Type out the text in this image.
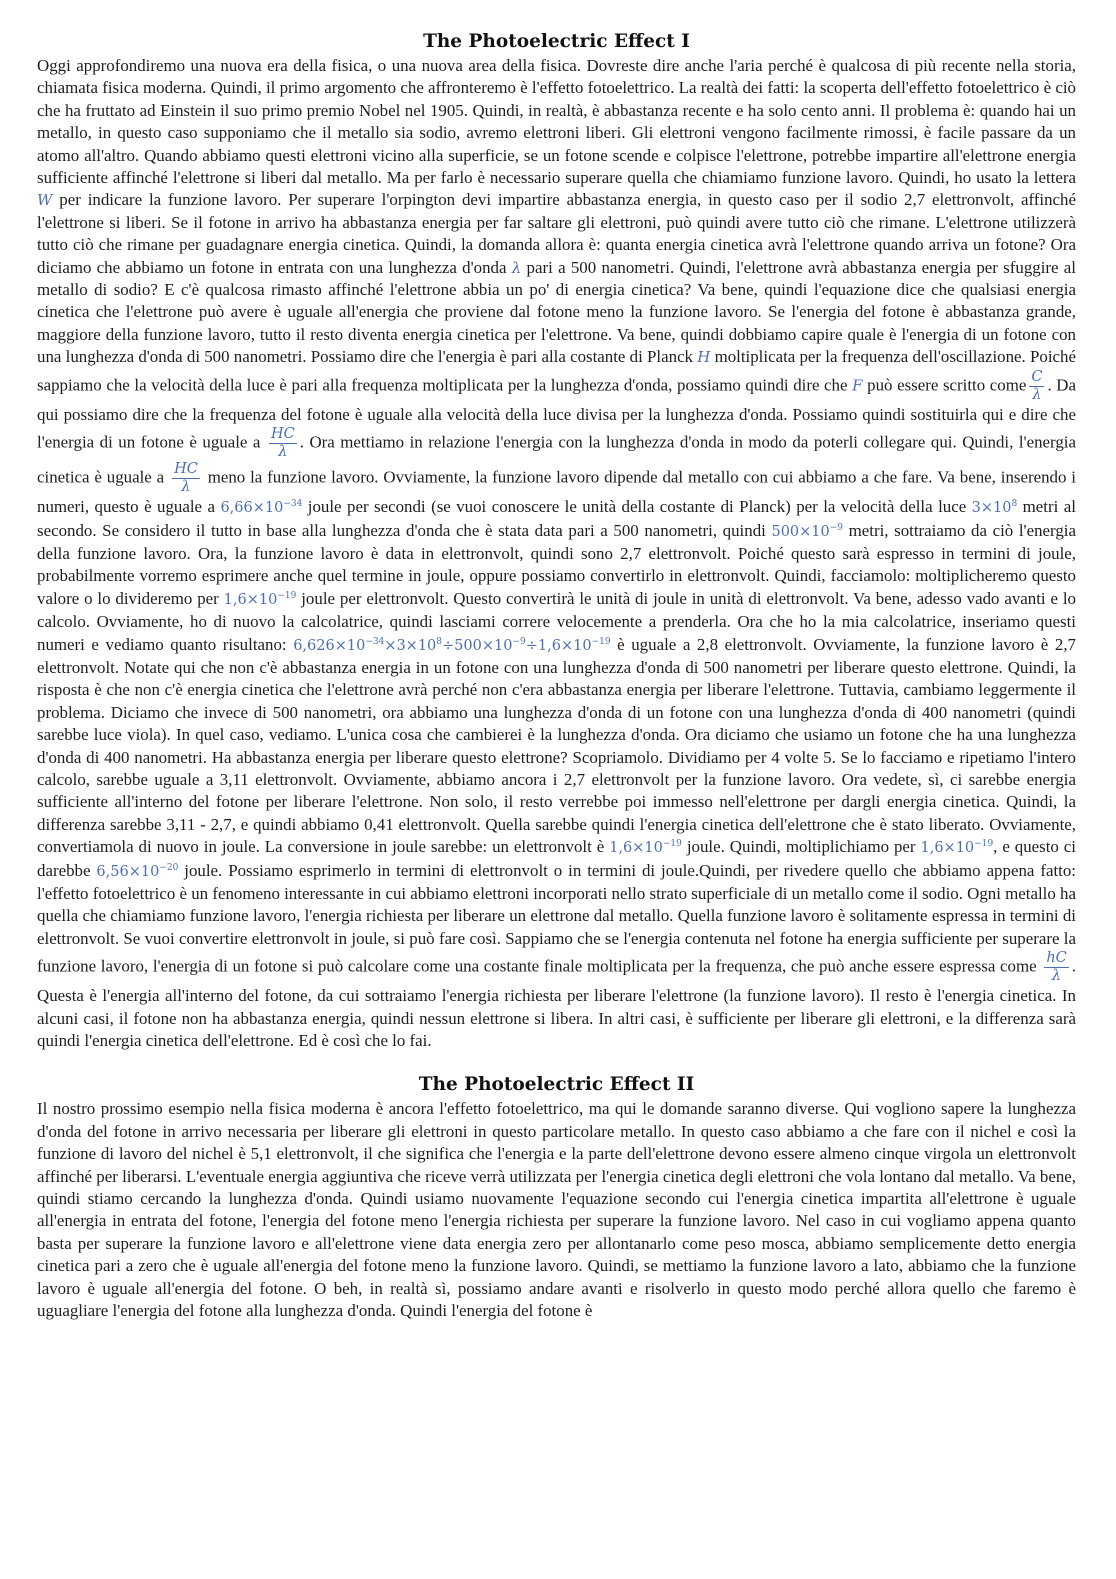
The Photoelectric Effect I

Oggi approfondiremo una nuova era della fisica, o una nuova area della fisica. Dovreste dire anche l'aria perché è qualcosa di più recente nella storia, chiamata fisica moderna. Quindi, il primo argomento che affronteremo è l'effetto fotoelettrico. La realtà dei fatti: la scoperta dell'effetto fotoelettrico è ciò che ha fruttato ad Einstein il suo primo premio Nobel nel 1905. Quindi, in realtà, è abbastanza recente e ha solo cento anni. Il problema è: quando hai un metallo, in questo caso supponiamo che il metallo sia sodio, avremo elettroni liberi. Gli elettroni vengono facilmente rimossi, è facile passare da un atomo all'altro. Quando abbiamo questi elettroni vicino alla superficie, se un fotone scende e colpisce l'elettrone, potrebbe impartire all'elettrone energia sufficiente affinché l'elettrone si liberi dal metallo. Ma per farlo è necessario superare quella che chiamiamo funzione lavoro. Quindi, ho usato la lettera W per indicare la funzione lavoro. Per superare l'orpington devi impartire abbastanza energia, in questo caso per il sodio 2,7 elettronvolt, affinché l'elettrone si liberi. Se il fotone in arrivo ha abbastanza energia per far saltare gli elettroni, può quindi avere tutto ciò che rimane. L'elettrone utilizzerà tutto ciò che rimane per guadagnare energia cinetica. Quindi, la domanda allora è: quanta energia cinetica avrà l'elettrone quando arriva un fotone? Ora diciamo che abbiamo un fotone in entrata con una lunghezza d'onda λ pari a 500 nanometri. Quindi, l'elettrone avrà abbastanza energia per sfuggire al metallo di sodio? E c'è qualcosa rimasto affinché l'elettrone abbia un po' di energia cinetica? Va bene, quindi l'equazione dice che qualsiasi energia cinetica che l'elettrone può avere è uguale all'energia che proviene dal fotone meno la funzione lavoro. Se l'energia del fotone è abbastanza grande, maggiore della funzione lavoro, tutto il resto diventa energia cinetica per l'elettrone. Va bene, quindi dobbiamo capire quale è l'energia di un fotone con una lunghezza d'onda di 500 nanometri. Possiamo dire che l'energia è pari alla costante di Planck H moltiplicata per la frequenza dell'oscillazione. Poiché sappiamo che la velocità della luce è pari alla frequenza moltiplicata per la lunghezza d'onda, possiamo quindi dire che F può essere scritto come $\frac{C}{\lambda}$ . Da qui possiamo dire che la frequenza del fotone è uguale alla velocità della luce divisa per la lunghezza d'onda. Possiamo quindi sostituirla qui e dire che l'energia di un fotone è uguale a $\frac{HC}{\lambda}$ . Ora mettiamo in relazione l'energia con la lunghezza d'onda in modo da poterli collegare qui. Quindi, l'energia cinetica è uguale a $\frac{HC}{\lambda}$ meno la funzione lavoro. Ovviamente, la funzione lavoro dipende dal metallo con cui abbiamo a che fare. Va bene, inserendo i numeri, questo è uguale a $6,66\times 10^{-34}$ joule per secondi (se vuoi conoscere le unità della costante di Planck) per la velocità della luce $3\times 10^8$ metri al secondo. Se considero il tutto in base alla lunghezza d'onda che è stata data pari a 500 nanometri, quindi $500\times 10^{-9}$ metri, sottraiamo da ciò l'energia della funzione lavoro. Ora, la funzione lavoro è data in elettronvolt, quindi sono 2,7 elettronvolt. Poiché questo sarà espresso in termini di joule, probabilmente vorremo esprimere anche quel termine in joule, oppure possiamo convertirlo in elettronvolt. Quindi, facciamolo: moltiplicheremo questo valore o lo divideremo per $1,6\times 10^{-19}$ joule per elettronvolt. Questo convertirà le unità di joule in unità di elettronvolt. Va bene, adesso vado avanti e lo calcolo. Ovviamente, ho di nuovo la calcolatrice, quindi lasciami correre velocemente a prenderla. Ora che ho la mia calcolatrice, inseriamo questi numeri e vediamo quanto risultano: $6,626\times 10^{-34}\times 3\times 10^8\div 500\times 10^{-9}\div 1,6\times 10^{-19}$ è uguale a 2,8 elettronvolt. Ovviamente, la funzione lavoro è 2,7 elettronvolt. Notate qui che non c'è abbastanza energia in un fotone con una lunghezza d'onda di 500 nanometri per liberare questo elettrone. Quindi, la risposta è che non c'è energia cinetica che l'elettrone avrà perché non c'era abbastanza energia per liberare l'elettrone. Tuttavia, cambiamo leggermente il problema. Diciamo che invece di 500 nanometri, ora abbiamo una lunghezza d'onda di un fotone con una lunghezza d'onda di 400 nanometri (quindi sarebbe luce viola). In quel caso, vediamo. L'unica cosa che cambierei è la lunghezza d'onda. Ora diciamo che usiamo un fotone che ha una lunghezza d'onda di 400 nanometri. Ha abbastanza energia per liberare questo elettrone? Scopriamolo. Dividiamo per 4 volte 5. Se lo facciamo e ripetiamo l'intero calcolo, sarebbe uguale a 3,11 elettronvolt. Ovviamente, abbiamo ancora i 2,7 elettronvolt per la funzione lavoro. Ora vedete, sì, ci sarebbe energia sufficiente all'interno del fotone per liberare l'elettrone. Non solo, il resto verrebbe poi immesso nell'elettrone per dargli energia cinetica. Quindi, la differenza sarebbe 3,11 - 2,7, e quindi abbiamo 0,41 elettronvolt. Quella sarebbe quindi l'energia cinetica dell'elettrone che è stato liberato. Ovviamente, convertiamola di nuovo in joule. La conversione in joule sarebbe: un elettronvolt è $1,6\times 10^{-19}$ joule. Quindi, moltiplichiamo per $1,6\times 10^{-19}$, e questo ci darebbe $6,56\times 10^{-20}$ joule. Possiamo esprimerlo in termini di elettronvolt o in termini di joule.Quindi, per rivedere quello che abbiamo appena fatto: l'effetto fotoelettrico è un fenomeno interessante in cui abbiamo elettroni incorporati nello strato superficiale di un metallo come il sodio. Ogni metallo ha quella che chiamiamo funzione lavoro, l'energia richiesta per liberare un elettrone dal metallo. Quella funzione lavoro è solitamente espressa in termini di elettronvolt. Se vuoi convertire elettronvolt in joule, si può fare così. Sappiamo che se l'energia contenuta nel fotone ha energia sufficiente per superare la funzione lavoro, l'energia di un fotone si può calcolare come una costante finale moltiplicata per la frequenza, che può anche essere espressa come $\frac{hC}{\lambda}$ . Questa è l'energia all'interno del fotone, da cui sottraiamo l'energia richiesta per liberare l'elettrone (la funzione lavoro). Il resto è l'energia cinetica. In alcuni casi, il fotone non ha abbastanza energia, quindi nessun elettrone si libera. In altri casi, è sufficiente per liberare gli elettroni, e la differenza sarà quindi l'energia cinetica dell'elettrone. Ed è così che lo fai.

The Photoelectric Effect II

Il nostro prossimo esempio nella fisica moderna è ancora l'effetto fotoelettrico, ma qui le domande saranno diverse. Qui vogliono sapere la lunghezza d'onda del fotone in arrivo necessaria per liberare gli elettroni in questo particolare metallo. In questo caso abbiamo a che fare con il nichel e così la funzione di lavoro del nichel è 5,1 elettronvolt, il che significa che l'energia e la parte dell'elettrone devono essere almeno cinque virgola un elettronvolt affinché per liberarsi. L'eventuale energia aggiuntiva che riceve verrà utilizzata per l'energia cinetica degli elettroni che vola lontano dal metallo. Va bene, quindi stiamo cercando la lunghezza d'onda. Quindi usiamo nuovamente l'equazione secondo cui l'energia cinetica impartita all'elettrone è uguale all'energia in entrata del fotone, l'energia del fotone meno l'energia richiesta per superare la funzione lavoro. Nel caso in cui vogliamo appena quanto basta per superare la funzione lavoro e all'elettrone viene data energia zero per allontanarlo come peso mosca, abbiamo semplicemente detto energia cinetica pari a zero che è uguale all'energia del fotone meno la funzione lavoro. Quindi, se mettiamo la funzione lavoro a lato, abbiamo che la funzione lavoro è uguale all'energia del fotone. O beh, in realtà sì, possiamo andare avanti e risolverlo in questo modo perché allora quello che faremo è uguagliare l'energia del fotone alla lunghezza d'onda. Quindi l'energia del fotone è
